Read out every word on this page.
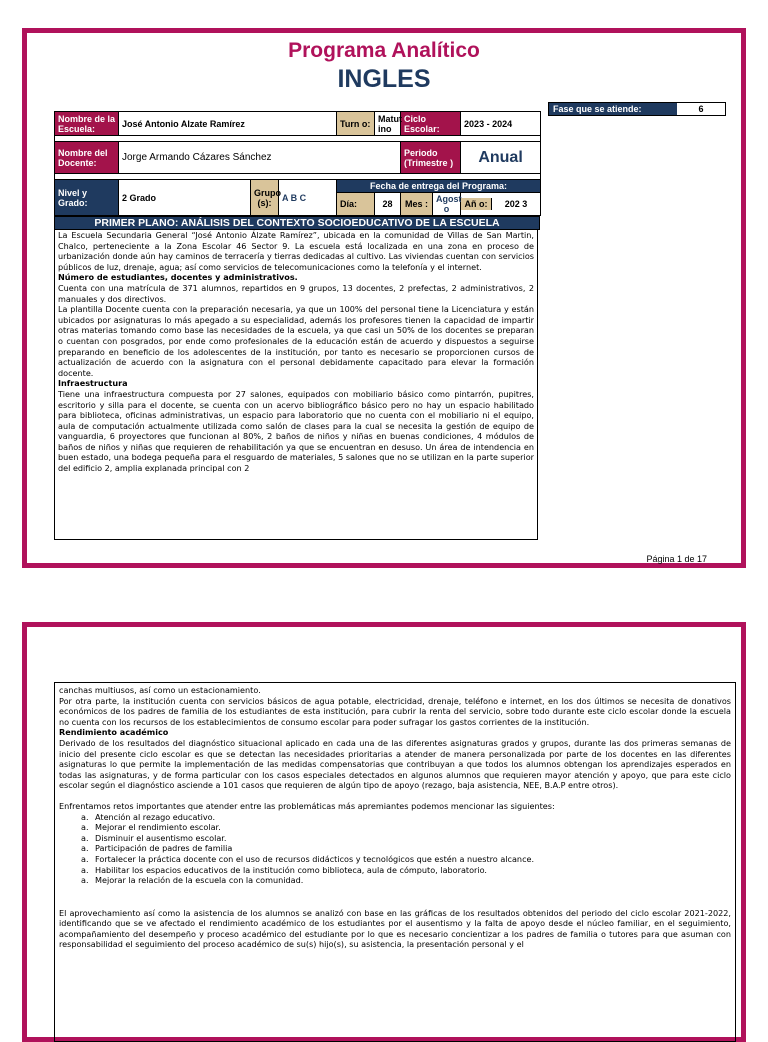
Programa Analítico
INGLES
Fase que se atiende:	6
Nombre de la Escuela:	José Antonio Alzate Ramírez			Turn o:	Matut ino	Ciclo Escolar:		2023 - 2024

Nombre del Docente:	Jorge Armando Cázares Sánchez					Periodo (Trimestre )		Anual

Nivel y Grado:	2 Grado	Grupo (s):	A B C	Fecha de entrega del Programa:				
				Día:	28	Mes :	Agost o	Añ o: 202 3
PRIMER PLANO: ANÁLISIS DEL CONTEXTO SOCIOEDUCATIVO DE LA ESCUELA

La Escuela Secundaria General “José Antonio Álzate Ramírez”, ubicada en la comunidad de Villas de San Martin, Chalco, perteneciente a la Zona Escolar 46 Sector 9. La escuela está localizada en una zona en proceso de urbanización donde aún hay caminos de terracería y tierras dedicadas al cultivo. Las viviendas cuentan con servicios públicos de luz, drenaje, agua; así como servicios de telecomunicaciones como la telefonía y el internet.

Número de estudiantes, docentes y administrativos.

Cuenta con una matrícula de 371 alumnos, repartidos en 9 grupos, 13 docentes, 2 prefectas, 2 administrativos, 2 manuales y dos directivos.

La plantilla Docente cuenta con la preparación necesaria, ya que un 100% del personal tiene la Licenciatura y están ubicados por asignaturas lo más apegado a su especialidad, además los profesores tienen la capacidad de impartir otras materias tomando como base las necesidades de la escuela, ya que casi un 50% de los docentes se preparan o cuentan con posgrados, por ende como profesionales de la educación están de acuerdo y dispuestos a seguirse preparando en beneficio de los adolescentes de la institución, por tanto es necesario se proporcionen cursos de actualización de acuerdo con la asignatura con el personal debidamente capacitado para elevar la formación docente.

Infraestructura

Tiene una infraestructura compuesta por 27 salones, equipados con mobiliario básico como pintarrón, pupitres, escritorio y silla para el docente, se cuenta con un acervo bibliográfico básico pero no hay un espacio habilitado para biblioteca, oficinas administrativas, un espacio para laboratorio que no cuenta con el mobiliario ni el equipo, aula de computación actualmente utilizada como salón de clases para la cual se necesita la gestión de equipo de vanguardia, 6 proyectores que funcionan al 80%, 2 baños de niños y niñas en buenas condiciones, 4 módulos de baños de niños y niñas que requieren de rehabilitación ya que se encuentran en desuso. Un área de intendencia en buen estado, una bodega pequeña para el resguardo de materiales, 5 salones que no se utilizan en la parte superior del edificio 2, amplia explanada principal con 2

Página 1 de 17

canchas multiusos, así como un estacionamiento.

Por otra parte, la institución cuenta con servicios básicos de agua potable, electricidad, drenaje, teléfono e internet, en los dos últimos se necesita de donativos económicos de los padres de familia de los estudiantes de esta institución, para cubrir la renta del servicio, sobre todo durante este ciclo escolar donde la escuela no cuenta con los recursos de los establecimientos de consumo escolar para poder sufragar los gastos corrientes de la institución.

Rendimiento académico

Derivado de los resultados del diagnóstico situacional aplicado en cada una de las diferentes asignaturas grados y grupos, durante las dos primeras semanas de inicio del presente ciclo escolar es que se detectan las necesidades prioritarias a atender de manera personalizada por parte de los docentes en las diferentes asignaturas lo que permite la implementación de las medidas compensatorias que contribuyan a que todos los alumnos obtengan los aprendizajes esperados en todas las asignaturas, y de forma particular con los casos especiales detectados en algunos alumnos que requieren mayor atención y apoyo, que para este ciclo escolar según el diagnóstico asciende a 101 casos que requieren de algún tipo de apoyo (rezago, baja asistencia, NEE, B.A.P entre otros).

Enfrentamos retos importantes que atender entre las problemáticas más apremiantes podemos mencionar las siguientes:

a. Atención al rezago educativo.
a. Mejorar el rendimiento escolar.
a. Disminuir el ausentismo escolar.
a. Participación de padres de familia
a. Fortalecer la práctica docente con el uso de recursos didácticos y tecnológicos que estén a nuestro alcance.
a. Habilitar los espacios educativos de la institución como biblioteca, aula de cómputo, laboratorio.
a. Mejorar la relación de la escuela con la comunidad.

El aprovechamiento así como la asistencia de los alumnos se analizó con base en las gráficas de los resultados obtenidos del periodo del ciclo escolar 2021-2022, identificando que se ve afectado el rendimiento académico de los estudiantes por el ausentismo y la falta de apoyo desde el núcleo familiar, en el seguimiento, acompañamiento del desempeño y proceso académico del estudiante por lo que es necesario concientizar a los padres de familia o tutores para que asuman con responsabilidad el seguimiento del proceso académico de su(s) hijo(s), su asistencia, la presentación personal y el
